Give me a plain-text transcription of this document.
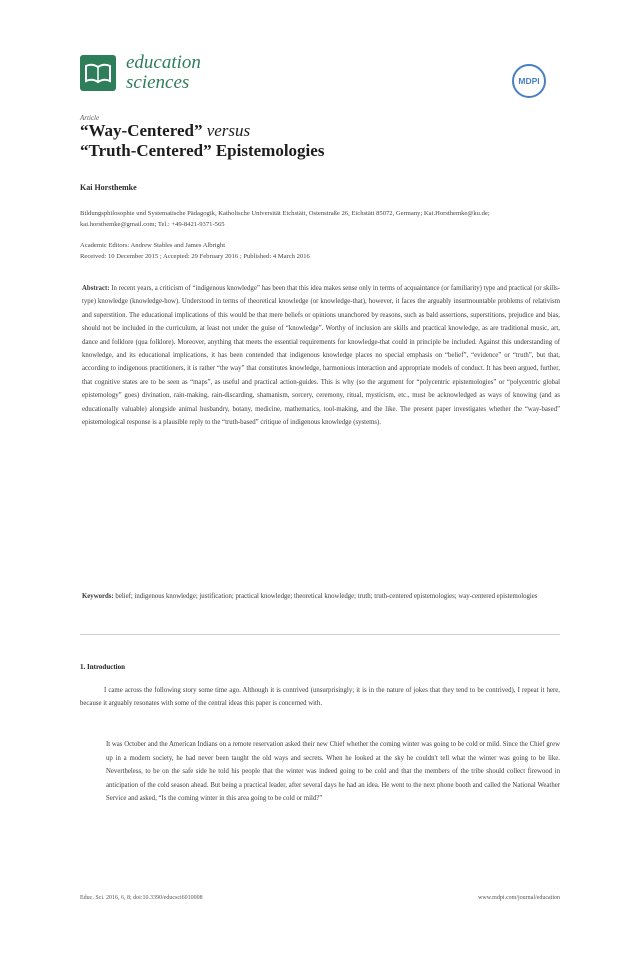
education
sciences	MDPI
Article
“Way-Centered” versus
“Truth-Centered” Epistemologies
Kai Horsthemke
Bildungsphilosophie und Systematische Pädagogik, Katholische Universität Eichstätt, Ostenstraße 26, Eichstätt 85072, Germany; Kai.Horsthemke@ku.de; kai.horsthemke@gmail.com; Tel.: +49-8421-9371-565
Academic Editors: Andrew Stables and James Albright
Received: 10 December 2015 ; Accepted: 29 February 2016 ; Published: 4 March 2016
Abstract: In recent years, a criticism of “indigenous knowledge” has been that this idea makes sense only in terms of acquaintance (or familiarity) type and practical (or skills-type) knowledge (knowledge-how). Understood in terms of theoretical knowledge (or knowledge-that), however, it faces the arguably insurmountable problems of relativism and superstition. The educational implications of this would be that mere beliefs or opinions unanchored by reasons, such as bald assertions, superstitions, prejudice and bias, should not be included in the curriculum, at least not under the guise of “knowledge”. Worthy of inclusion are skills and practical knowledge, as are traditional music, art, dance and folklore (qua folklore). Moreover, anything that meets the essential requirements for knowledge-that could in principle be included. Against this understanding of knowledge, and its educational implications, it has been contended that indigenous knowledge places no special emphasis on “belief”, “evidence” or “truth”, but that, according to indigenous practitioners, it is rather “the way” that constitutes knowledge, harmonious interaction and appropriate models of conduct. It has been argued, further, that cognitive states are to be seen as “maps”, as useful and practical action-guides. This is why (so the argument for “polycentric epistemologies” or “polycentric global epistemology” goes) divination, rain-making, rain-discarding, shamanism, sorcery, ceremony, ritual, mysticism, etc., must be acknowledged as ways of knowing (and as educationally valuable) alongside animal husbandry, botany, medicine, mathematics, tool-making, and the like. The present paper investigates whether the “way-based” epistemological response is a plausible reply to the “truth-based” critique of indigenous knowledge (systems).
Keywords: belief; indigenous knowledge; justification; practical knowledge; theoretical knowledge; truth; truth-centered epistemologies; way-centered epistemologies
1. Introduction
I came across the following story some time ago. Although it is contrived (unsurprisingly; it is in the nature of jokes that they tend to be contrived), I repeat it here, because it arguably resonates with some of the central ideas this paper is concerned with.
It was October and the American Indians on a remote reservation asked their new Chief whether the coming winter was going to be cold or mild. Since the Chief grew up in a modern society, he had never been taught the old ways and secrets. When he looked at the sky he couldn't tell what the winter was going to be like. Nevertheless, to be on the safe side he told his people that the winter was indeed going to be cold and that the members of the tribe should collect firewood in anticipation of the cold season ahead. But being a practical leader, after several days he had an idea. He went to the next phone booth and called the National Weather Service and asked, “Is the coming winter in this area going to be cold or mild?”
Educ. Sci. 2016, 6, 8; doi:10.3390/educsci6010008	www.mdpi.com/journal/education
